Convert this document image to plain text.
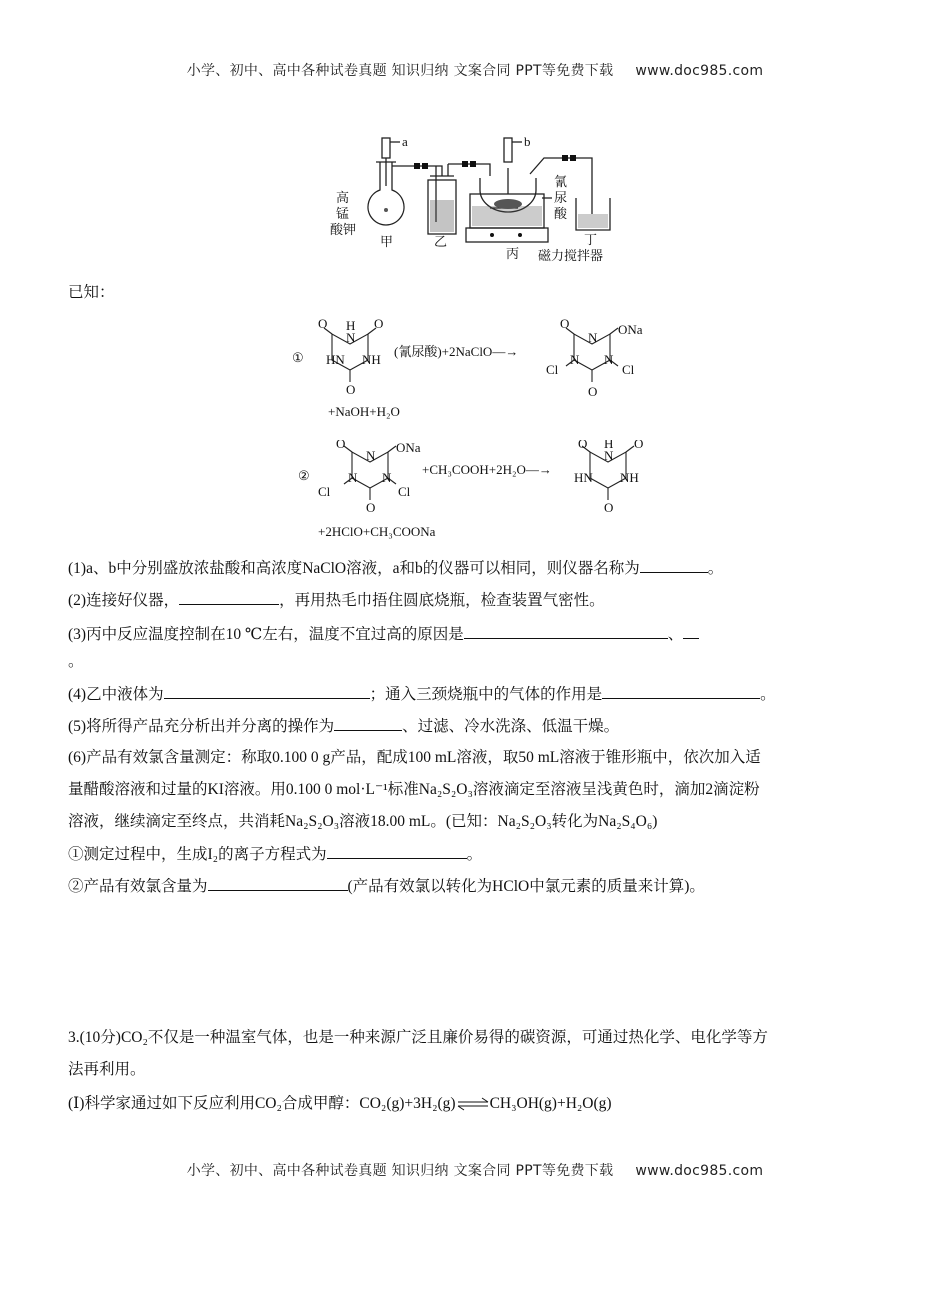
小学、初中、高中各种试卷真题 知识归纳 文案合同 PPT等免费下载 www.doc985.com
小学、初中、高中各种试卷真题 知识归纳 文案合同 PPT等免费下载 www.doc985.com
a	b
高
锰
酸钾
氰
尿
酸
甲	乙
丙
丁
磁力搅拌器
已知：
①
O H
N
O
HN NH
O
(氰尿酸)+2NaClO—→
O
N
ONa
N N
Cl	Cl
O
+NaOH+H₂O
②
O
N
ONa
N N
Cl	Cl
O
+CH₃COOH+2H₂O—→
O H
N
O
HN NH
O
+2HClO+CH₃COONa
(1)a、b中分别盛放浓盐酸和高浓度NaClO溶液，a和b的仪器可以相同，则仪器名称为	。
(2)连接好仪器，	，再用热毛巾捂住圆底烧瓶，检查装置气密性。
(3)丙中反应温度控制在10 ℃左右，温度不宜过高的原因是	、
。
(4)乙中液体为	；通入三颈烧瓶中的气体的作用是	。
(5)将所得产品充分析出并分离的操作为	、过滤、冷水洗涤、低温干燥。
(6)产品有效氯含量测定：称取0.100 0 g产品，配成100 mL溶液，取50 mL溶液于锥形瓶中，依次加入适
量醋酸溶液和过量的KI溶液。用0.100 0 mol·L⁻¹标准Na₂S₂O₃溶液滴定至溶液呈浅黄色时，滴加2滴淀粉
溶液，继续滴定至终点，共消耗Na₂S₂O₃溶液18.00 mL。(已知：Na₂S₂O₃转化为Na₂S₄O₆)
①测定过程中，生成I₂的离子方程式为	。
②产品有效氯含量为	(产品有效氯以转化为HClO中氯元素的质量来计算)。
3.(10分)CO₂不仅是一种温室气体，也是一种来源广泛且廉价易得的碳资源，可通过热化学、电化学等方
法再利用。
(Ⅰ)科学家通过如下反应利用CO₂合成甲醇：CO₂(g)+3H₂(g)⇌CH₃OH(g)+H₂O(g)
